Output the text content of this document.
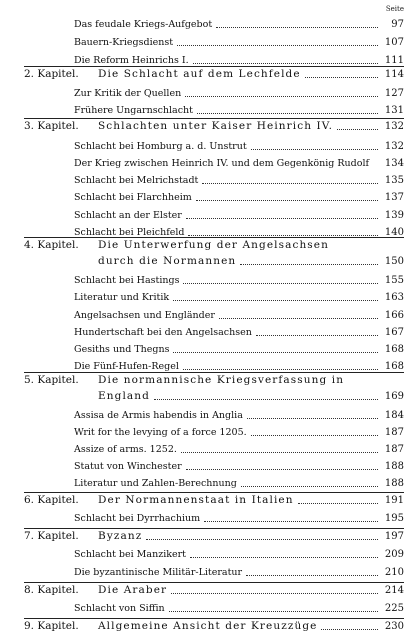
Seite
Das feudale Kriegs-Aufgebot	97
Bauern-Kriegsdienst	107
Die Reform Heinrichs I.	111
2. Kapitel. Die Schlacht auf dem Lechfelde	114
Zur Kritik der Quellen	127
Frühere Ungarnschlacht	131
3. Kapitel. Schlachten unter Kaiser Heinrich IV.	132
Schlacht bei Homburg a. d. Unstrut	132
Der Krieg zwischen Heinrich IV. und dem Gegenkönig Rudolf	134
Schlacht bei Melrichstadt	135
Schlacht bei Flarchheim	137
Schlacht an der Elster	139
Schlacht bei Pleichfeld	140
4. Kapitel. Die Unterwerfung der Angelsachsen
durch die Normannen	150
Schlacht bei Hastings	155
Literatur und Kritik	163
Angelsachsen und Engländer	166
Hundertschaft bei den Angelsachsen	167
Gesiths und Thegns	168
Die Fünf-Hufen-Regel	168
5. Kapitel. Die normannische Kriegsverfassung in
England	169
Assisa de Armis habendis in Anglia	184
Writ for the levying of a force 1205.	187
Assize of arms. 1252.	187
Statut von Winchester	188
Literatur und Zahlen-Berechnung	188
6. Kapitel. Der Normannenstaat in Italien	191
Schlacht bei Dyrrhachium	195
7. Kapitel. Byzanz	197
Schlacht bei Manzikert	209
Die byzantinische Militär-Literatur	210
8. Kapitel. Die Araber	214
Schlacht von Siffin	225
9. Kapitel. Allgemeine Ansicht der Kreuzzüge	230
